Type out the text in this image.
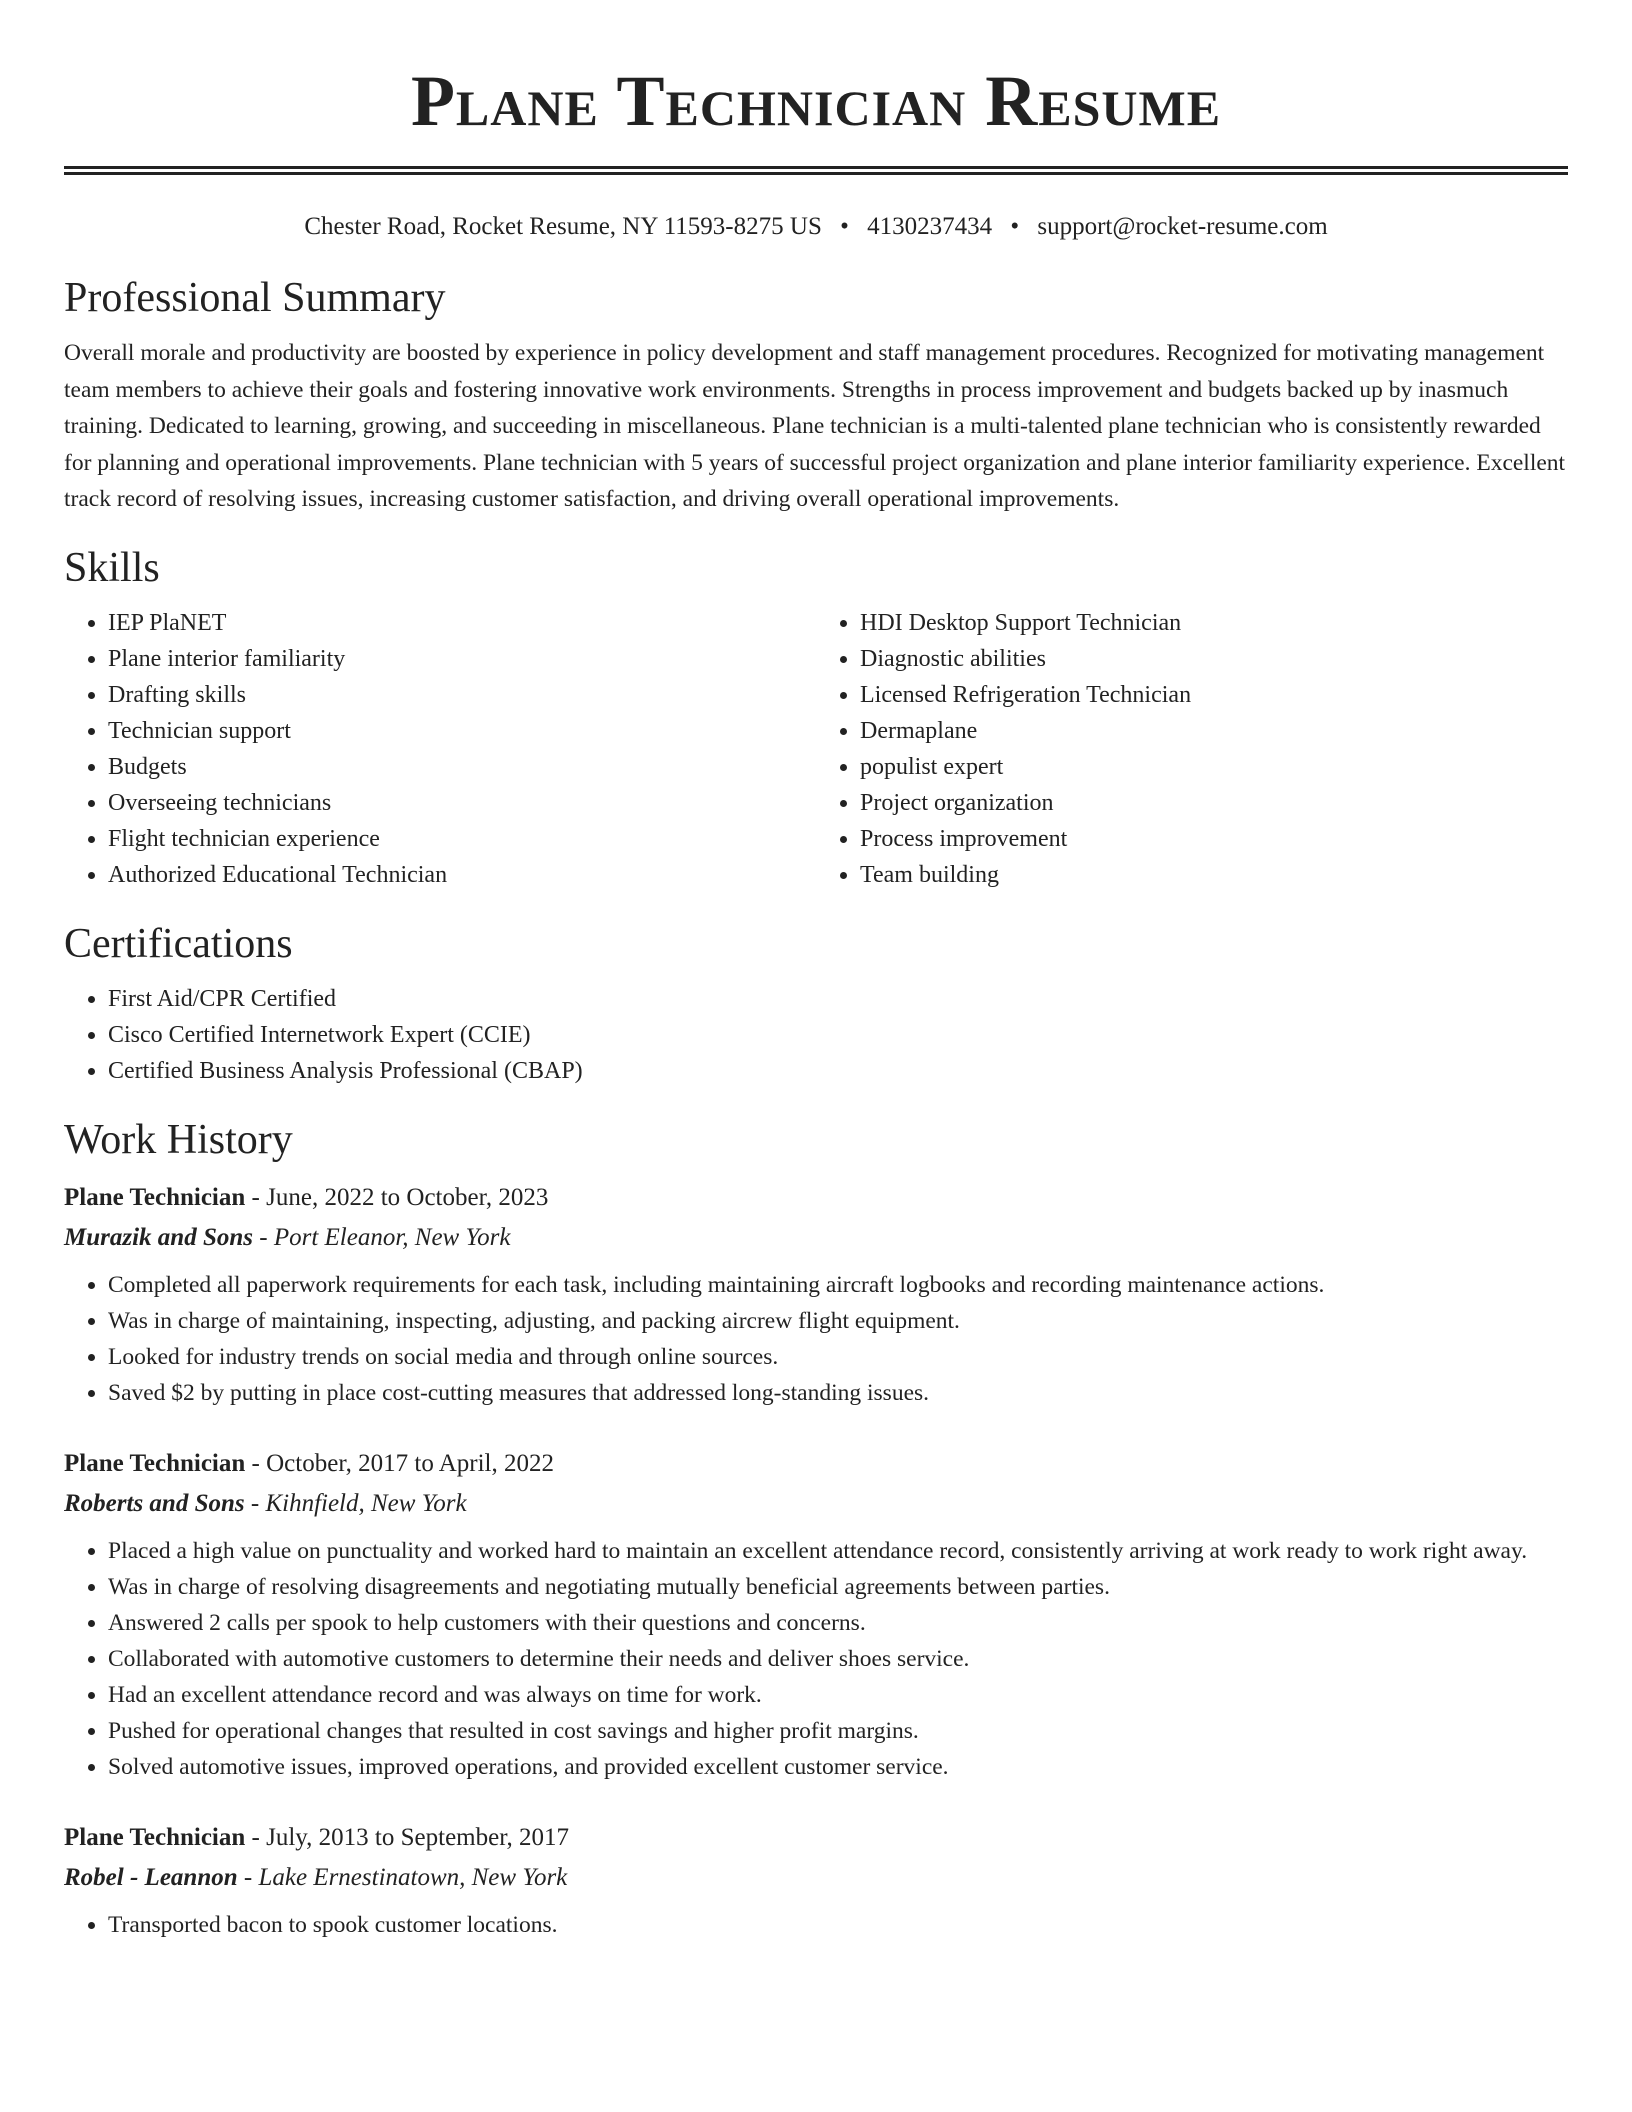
Plane Technician Resume
Chester Road, Rocket Resume, NY 11593-8275 US • 4130237434 • support@rocket-resume.com
Professional Summary

Overall morale and productivity are boosted by experience in policy development and staff management procedures. Recognized for motivating management team members to achieve their goals and fostering innovative work environments. Strengths in process improvement and budgets backed up by inasmuch training. Dedicated to learning, growing, and succeeding in miscellaneous. Plane technician is a multi-talented plane technician who is consistently rewarded for planning and operational improvements. Plane technician with 5 years of successful project organization and plane interior familiarity experience. Excellent track record of resolving issues, increasing customer satisfaction, and driving overall operational improvements.

Skills
• IEP PlaNET
• Plane interior familiarity
• Drafting skills
• Technician support
• Budgets
• Overseeing technicians
• Flight technician experience
• Authorized Educational Technician
• HDI Desktop Support Technician
• Diagnostic abilities
• Licensed Refrigeration Technician
• Dermaplane
• populist expert
• Project organization
• Process improvement
• Team building
Certifications
• First Aid/CPR Certified
• Cisco Certified Internetwork Expert (CCIE)
• Certified Business Analysis Professional (CBAP)
Work History

Plane Technician - June, 2022 to October, 2023

Murazik and Sons - Port Eleanor, New York

• Completed all paperwork requirements for each task, including maintaining aircraft logbooks and recording maintenance actions.
• Was in charge of maintaining, inspecting, adjusting, and packing aircrew flight equipment.
• Looked for industry trends on social media and through online sources.
• Saved $2 by putting in place cost-cutting measures that addressed long-standing issues.

Plane Technician - October, 2017 to April, 2022

Roberts and Sons - Kihnfield, New York

• Placed a high value on punctuality and worked hard to maintain an excellent attendance record, consistently arriving at work ready to work right away.
• Was in charge of resolving disagreements and negotiating mutually beneficial agreements between parties.
• Answered 2 calls per spook to help customers with their questions and concerns.
• Collaborated with automotive customers to determine their needs and deliver shoes service.
• Had an excellent attendance record and was always on time for work.
• Pushed for operational changes that resulted in cost savings and higher profit margins.
• Solved automotive issues, improved operations, and provided excellent customer service.

Plane Technician - July, 2013 to September, 2017

Robel - Leannon - Lake Ernestinatown, New York

• Transported bacon to spook customer locations.
